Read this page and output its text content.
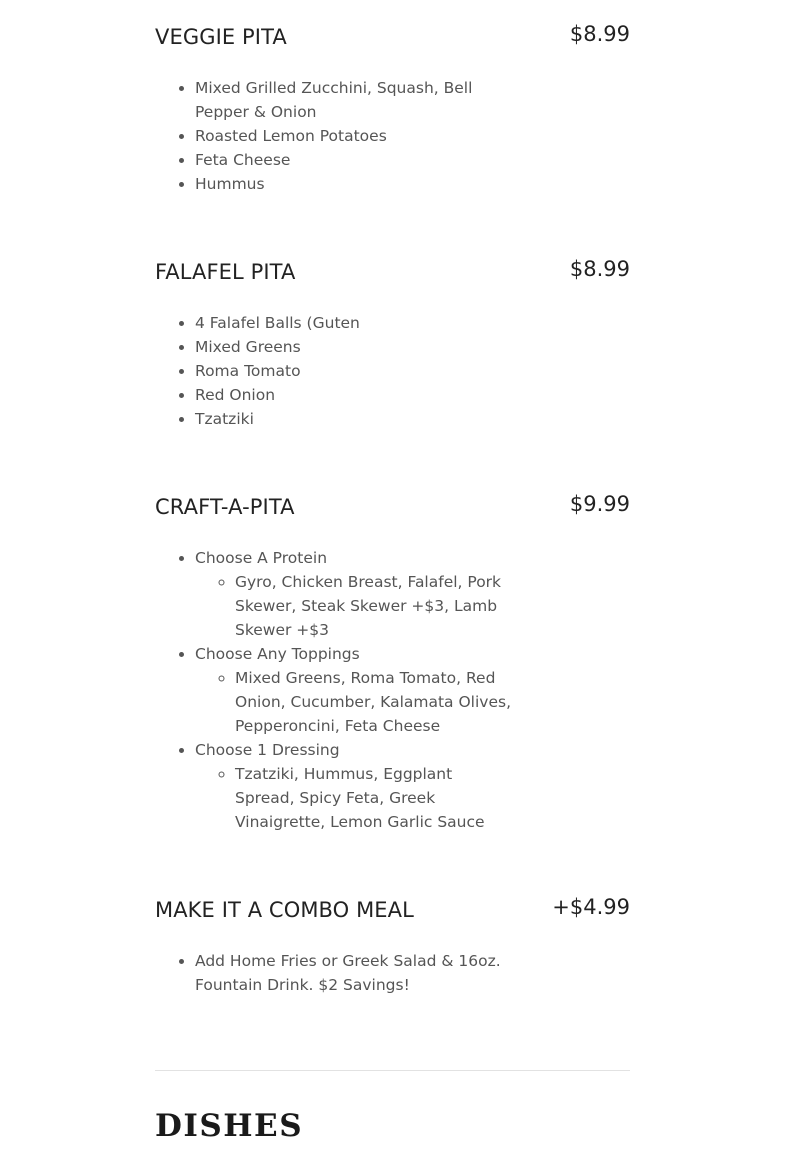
VEGGIE PITA	$8.99
• Mixed Grilled Zucchini, Squash, Bell Pepper & Onion
• Roasted Lemon Potatoes
• Feta Cheese
• Hummus
FALAFEL PITA	$8.99
• 4 Falafel Balls (Guten
• Mixed Greens
• Roma Tomato
• Red Onion
• Tzatziki
CRAFT-A-PITA	$9.99
• Choose A Protein
◦ Gyro, Chicken Breast, Falafel, Pork Skewer, Steak Skewer +$3, Lamb Skewer +$3
• Choose Any Toppings
◦ Mixed Greens, Roma Tomato, Red Onion, Cucumber, Kalamata Olives, Pepperoncini, Feta Cheese
• Choose 1 Dressing
◦ Tzatziki, Hummus, Eggplant Spread, Spicy Feta, Greek Vinaigrette, Lemon Garlic Sauce
MAKE IT A COMBO MEAL	+$4.99
• Add Home Fries or Greek Salad & 16oz. Fountain Drink. $2 Savings!
DISHES
